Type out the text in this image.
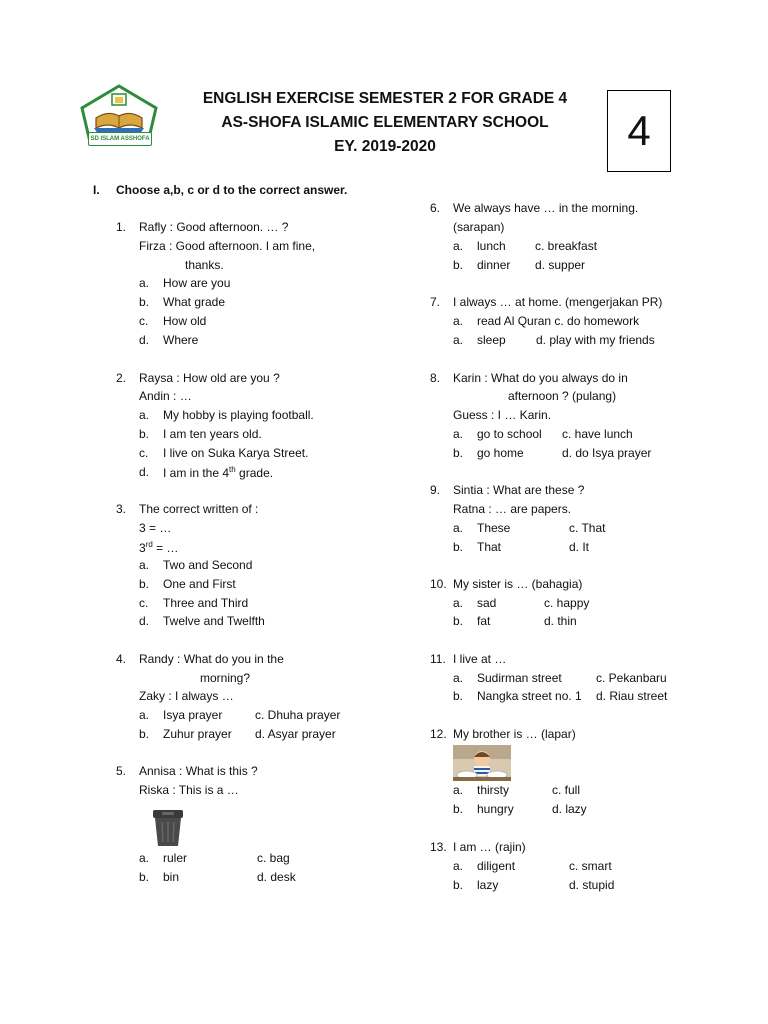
SD ISLAM ASSHOFA
ENGLISH EXERCISE SEMESTER 2 FOR GRADE 4
AS-SHOFA ISLAMIC ELEMENTARY SCHOOL
EY. 2019-2020	4
I. Choose a,b, c or d to the correct answer.
1. Rafly : Good afternoon. … ?
Firza : Good afternoon. I am fine,
thanks.
a. How are you
b. What grade
c. How old
d. Where
2. Raysa : How old are you ?
Andin : …
a. My hobby is playing football.
b. I am ten years old.
c. I live on Suka Karya Street.
d. I am in the 4th grade.
3. The correct written of :
3 = …
3rd = …
a. Two and Second
b. One and First
c. Three and Third
d. Twelve and Twelfth
4. Randy : What do you in the
morning?
Zaky : I always …
a. Isya prayer	c. Dhuha prayer
b. Zuhur prayer d. Asyar prayer
5. Annisa : What is this ?
Riska : This is a …
a. ruler	c. bag
b. bin	d. desk
6. We always have … in the morning.
(sarapan)
a. lunch c. breakfast
b. dinner d. supper
7. I always … at home. (mengerjakan PR)
a. read Al Quran c. do homework
a. sleep	d. play with my friends
8. Karin : What do you always do in
afternoon ? (pulang)
Guess : I … Karin.
a. go to school c. have lunch
b. go home	d. do Isya prayer
9. Sintia : What are these ?
Ratna : … are papers.
a. These	c. That
b. That	d. It
10. My sister is … (bahagia)
a. sad	c. happy
b. fat	d. thin
11. I live at …
a. Sudirman street	c. Pekanbaru
b. Nangka street no. 1 d. Riau street
12. My brother is … (lapar)
a. thirsty	c. full
b. hungry	d. lazy
13. I am … (rajin)
a. diligent	c. smart
b. lazy	d. stupid
